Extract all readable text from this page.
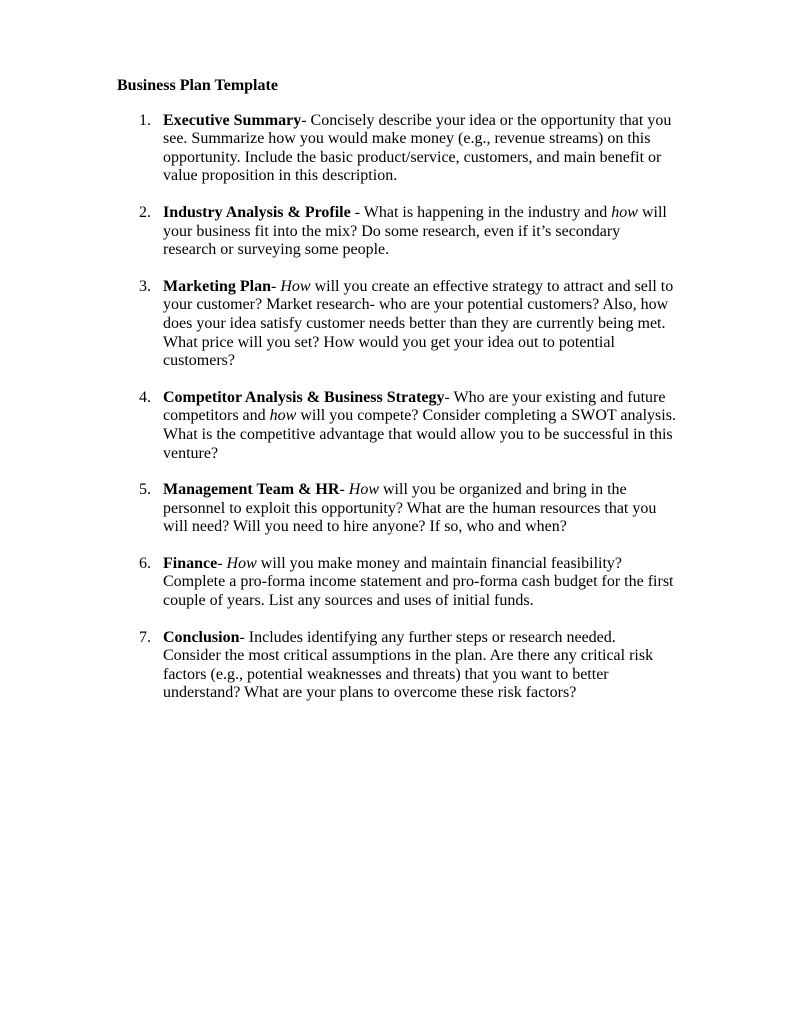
Business Plan Template
1. Executive Summary- Concisely describe your idea or the opportunity that you see. Summarize how you would make money (e.g., revenue streams) on this opportunity. Include the basic product/service, customers, and main benefit or value proposition in this description.
2. Industry Analysis & Profile - What is happening in the industry and how will your business fit into the mix? Do some research, even if it’s secondary research or surveying some people.
3. Marketing Plan- How will you create an effective strategy to attract and sell to your customer? Market research- who are your potential customers? Also, how does your idea satisfy customer needs better than they are currently being met. What price will you set? How would you get your idea out to potential customers?
4. Competitor Analysis & Business Strategy- Who are your existing and future competitors and how will you compete? Consider completing a SWOT analysis. What is the competitive advantage that would allow you to be successful in this venture?
5. Management Team & HR- How will you be organized and bring in the personnel to exploit this opportunity? What are the human resources that you will need? Will you need to hire anyone? If so, who and when?
6. Finance- How will you make money and maintain financial feasibility? Complete a pro-forma income statement and pro-forma cash budget for the first couple of years. List any sources and uses of initial funds.
7. Conclusion- Includes identifying any further steps or research needed. Consider the most critical assumptions in the plan. Are there any critical risk factors (e.g., potential weaknesses and threats) that you want to better understand? What are your plans to overcome these risk factors?
